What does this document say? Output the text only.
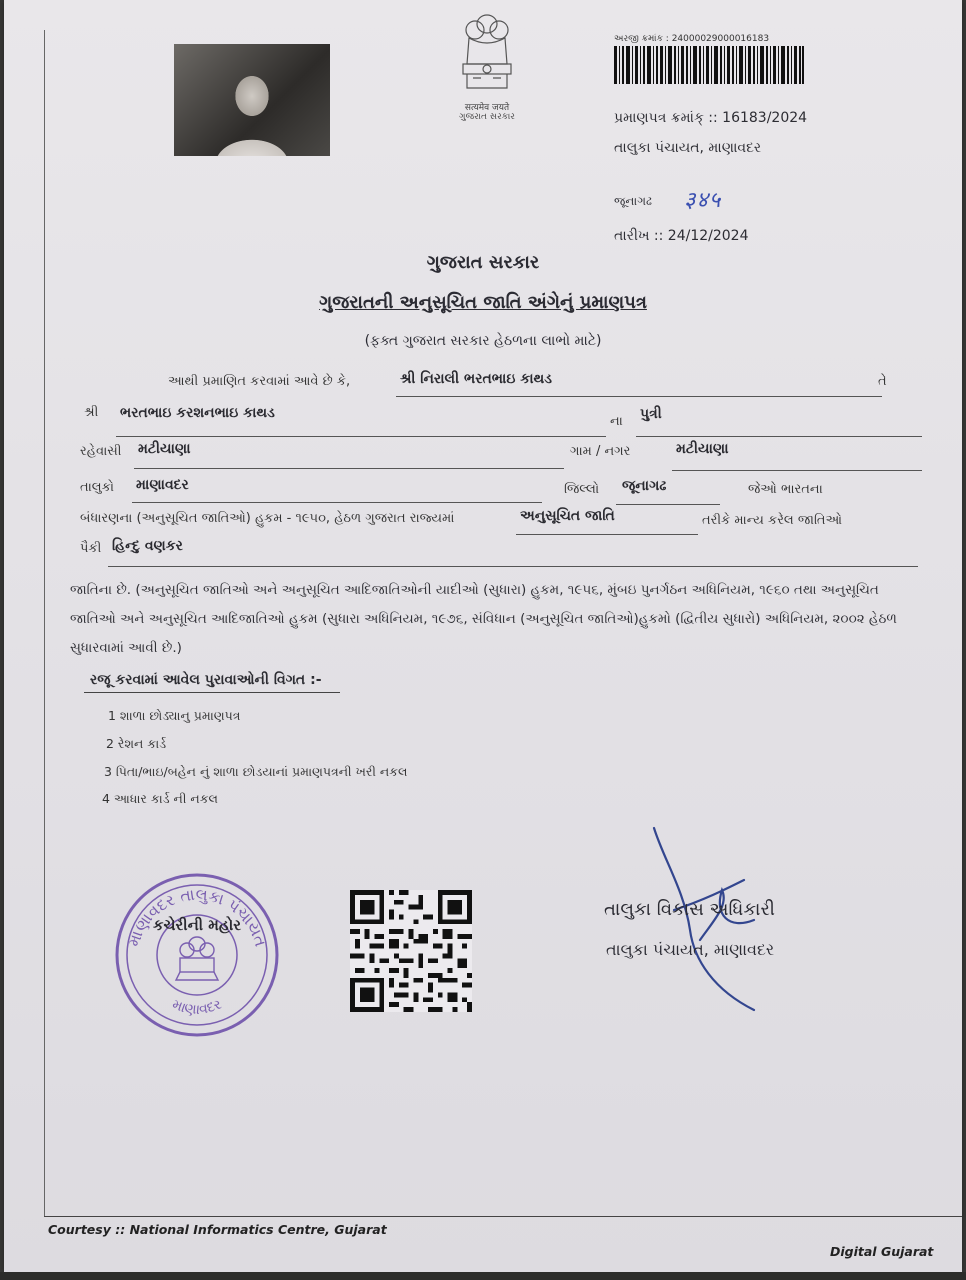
सत्यमेव जयते
ગુજરાત સરકાર
અરજી ક્રમાંક : 24000029000016183
પ્રમાણપત્ર ક્રમાંક્ :: 16183/2024
તાલુકા પંચાયત, માણાવદર
જૂનાગઢ ३४५
તારીખ :: 24/12/2024
ગુજરાત સરકાર
ગુજરાતની અનુસૂચિત જાતિ અંગેનું પ્રમાણપત્ર
(ફક્ત ગુજરાત સરકાર હેઠળના લાભો માટે)
આથી પ્રમાણિત કરવામાં આવે છે કે,	શ્રી નિરાલી ભરતભાઇ કાથડ	તે
શ્રી ભરતભાઇ કરશનભાઇ કાથડ
ના પુત્રી
રહેવાસી મટીયાણા	ગામ / નગર	મટીયાણા
તાલુકો માણાવદર	જિલ્લો જૂનાગઢ	જેઓ ભારતના
બંધારણના (અનુસૂચિત જાતિઓ) હુકમ - ૧૯૫૦, હેઠળ ગુજરાત રાજ્યમાં	અનુસૂચિત જાતિ	તરીકે માન્ય કરેલ જાતિઓ
પૈકી હિન્દુ વણકર
જાતિના છે. (અનુસૂચિત જાતિઓ અને અનુસૂચિત આદિજાતિઓની યાદીઓ (સુધારા) હુકમ, ૧૯૫૬, મુંબઇ પુનર્ગઠન અધિનિયમ, ૧૯૬૦ તથા અનુસૂચિત જાતિઓ અને અનુસૂચિત આદિજાતિઓ હુકમ (સુધારા અધિનિયમ, ૧૯૭૬, સંવિધાન (અનુસૂચિત જાતિઓ)હુકમો (દ્વિતીય સુધારો) અધિનિયમ, ૨૦૦૨ હેઠળ સુધારવામાં આવી છે.)
રજૂ કરવામાં આવેલ પુરાવાઓની વિગત :-
1 શાળા છોડ્યાનુ પ્રમાણપત્ર
2 રેશન કાર્ડ
3 પિતા/ભાઇ/બહેન નું શાળા છોડયાનાં પ્રમાણપત્રની ખરી નકલ
4 આધાર કાર્ડ ની નકલ
માણાવદર તાલુકા પંચાયત
માણાવદર
કચેરીની મહોર
તાલુકા વિકાસ અધિકારી
તાલુકા પંચાયત, માણાવદર
Courtesy :: National Informatics Centre, Gujarat
Digital Gujarat
